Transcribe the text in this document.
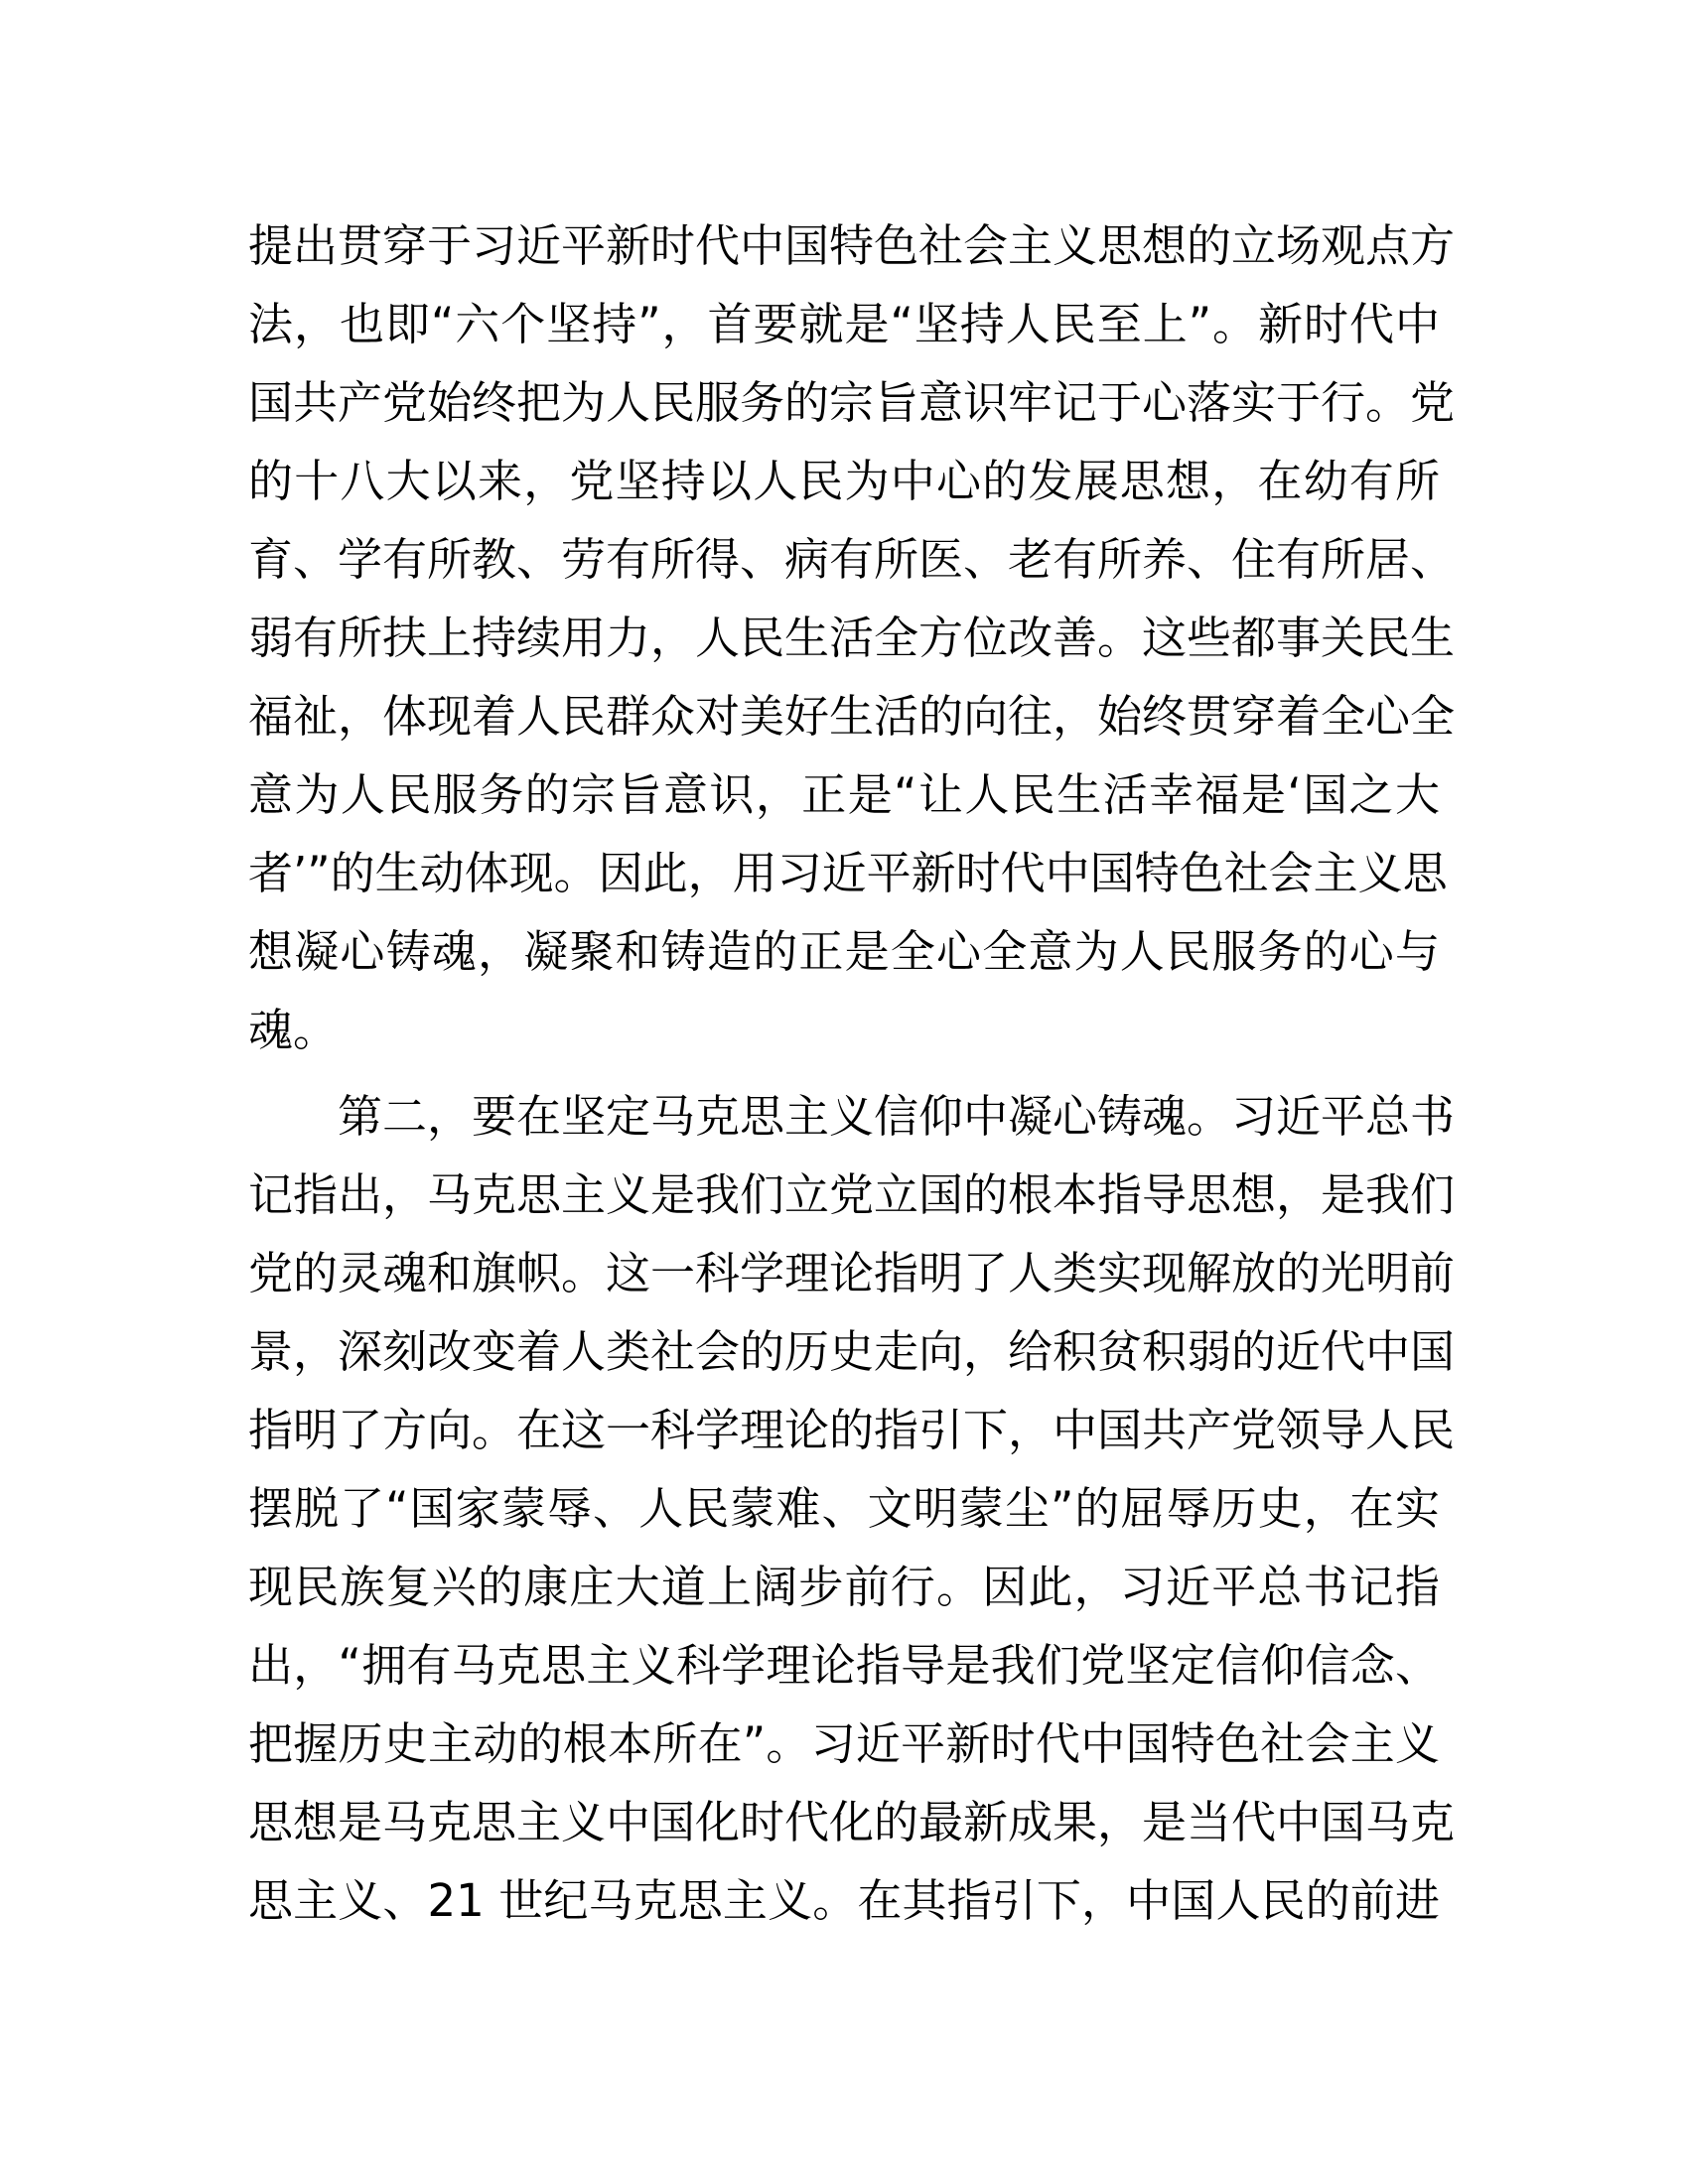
提出贯穿于习近平新时代中国特色社会主义思想的立场观点方
法，也即“六个坚持”，首要就是“坚持人民至上”。新时代中
国共产党始终把为人民服务的宗旨意识牢记于心落实于行。党
的十八大以来，党坚持以人民为中心的发展思想，在幼有所
育、学有所教、劳有所得、病有所医、老有所养、住有所居、
弱有所扶上持续用力，人民生活全方位改善。这些都事关民生
福祉，体现着人民群众对美好生活的向往，始终贯穿着全心全
意为人民服务的宗旨意识，正是“让人民生活幸福是‘国之大
者’”的生动体现。因此，用习近平新时代中国特色社会主义思
想凝心铸魂，凝聚和铸造的正是全心全意为人民服务的心与
魂。
第二，要在坚定马克思主义信仰中凝心铸魂。习近平总书
记指出，马克思主义是我们立党立国的根本指导思想，是我们
党的灵魂和旗帜。这一科学理论指明了人类实现解放的光明前
景，深刻改变着人类社会的历史走向，给积贫积弱的近代中国
指明了方向。在这一科学理论的指引下，中国共产党领导人民
摆脱了“国家蒙辱、人民蒙难、文明蒙尘”的屈辱历史，在实
现民族复兴的康庄大道上阔步前行。因此，习近平总书记指
出，“拥有马克思主义科学理论指导是我们党坚定信仰信念、
把握历史主动的根本所在”。习近平新时代中国特色社会主义
思想是马克思主义中国化时代化的最新成果，是当代中国马克
思主义、21 世纪马克思主义。在其指引下，中国人民的前进
